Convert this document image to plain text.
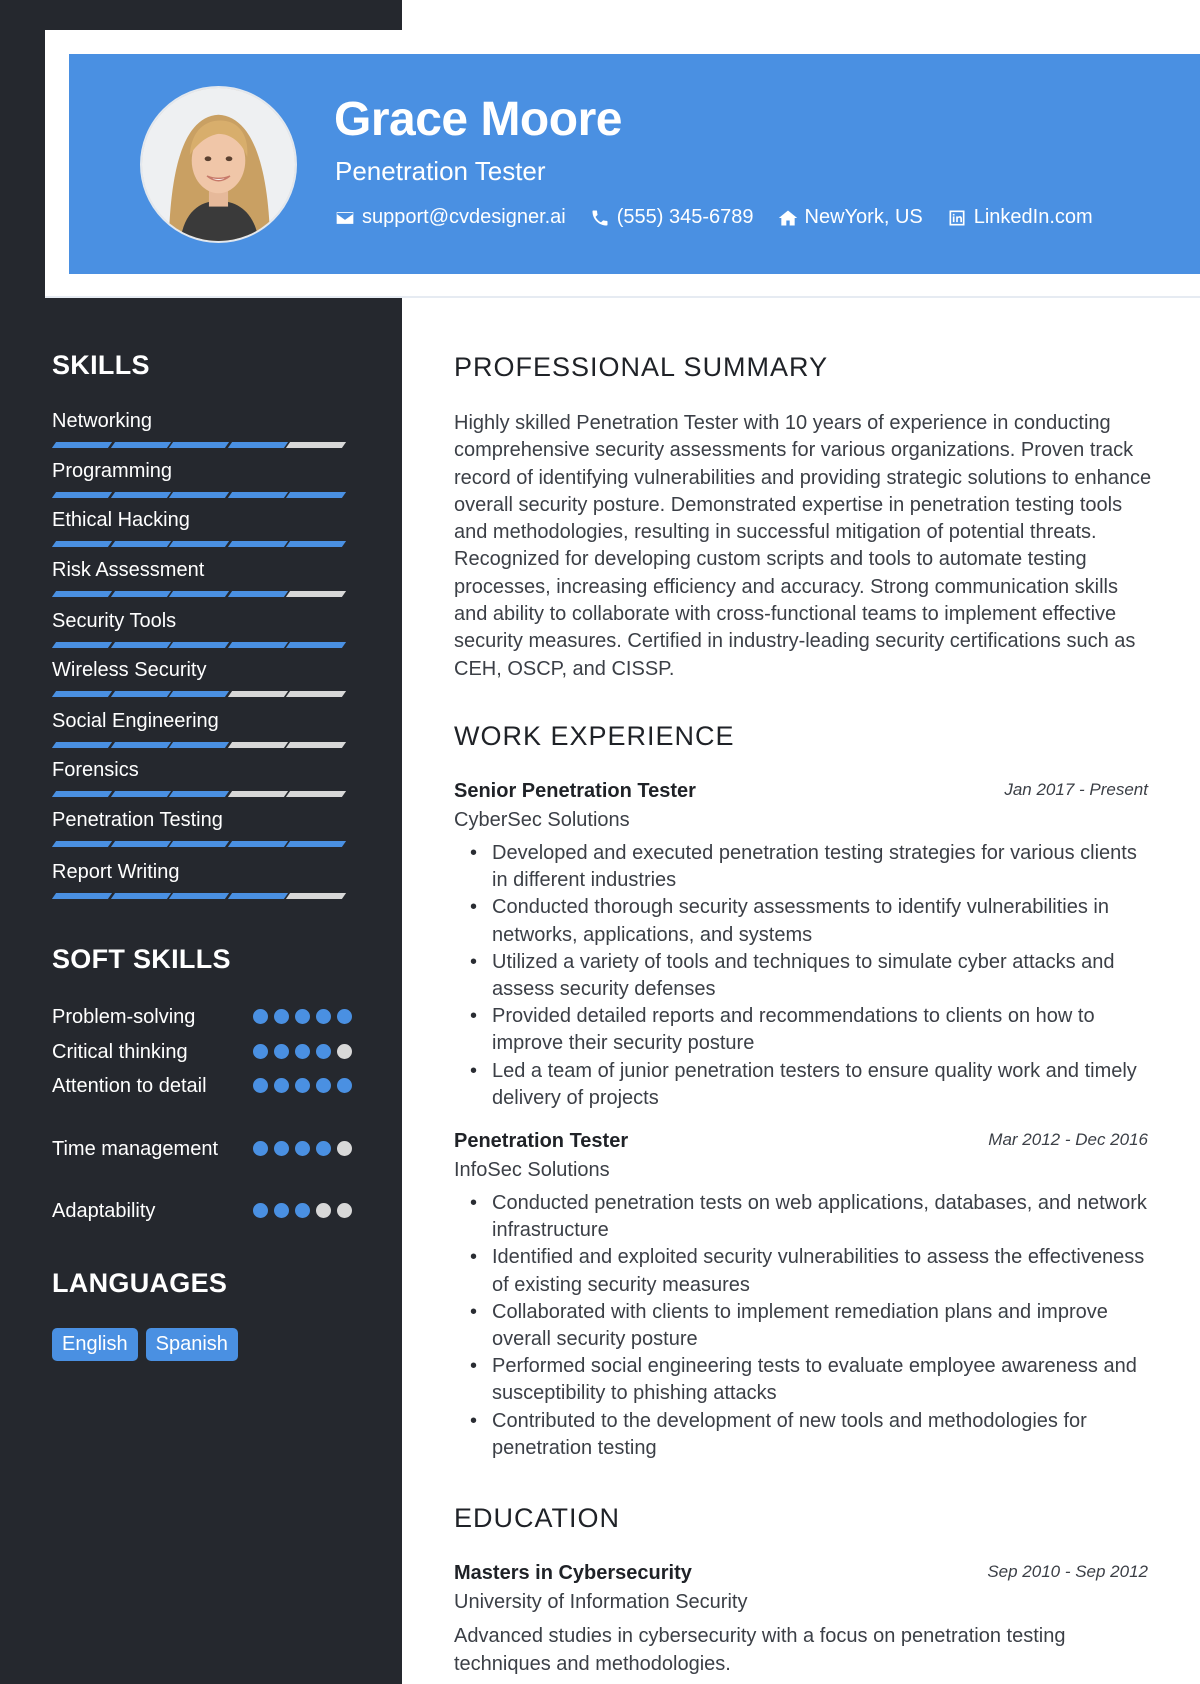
Grace Moore
Penetration Tester
support@cvdesigner.ai	(555) 345-6789	NewYork, US	LinkedIn.com
SKILLS
Networking
Programming
Ethical Hacking
Risk Assessment
Security Tools
Wireless Security
Social Engineering
Forensics
Penetration Testing
Report Writing
SOFT SKILLS
Problem-solving
Critical thinking
Attention to detail
Time management
Adaptability
LANGUAGES
English	Spanish
PROFESSIONAL SUMMARY
Highly skilled Penetration Tester with 10 years of experience in conducting comprehensive security assessments for various organizations. Proven track record of identifying vulnerabilities and providing strategic solutions to enhance overall security posture. Demonstrated expertise in penetration testing tools and methodologies, resulting in successful mitigation of potential threats. Recognized for developing custom scripts and tools to automate testing processes, increasing efficiency and accuracy. Strong communication skills and ability to collaborate with cross-functional teams to implement effective security measures. Certified in industry-leading security certifications such as CEH, OSCP, and CISSP.
WORK EXPERIENCE
Senior Penetration Tester	Jan 2017 - Present
CyberSec Solutions
• Developed and executed penetration testing strategies for various clients in different industries
• Conducted thorough security assessments to identify vulnerabilities in networks, applications, and systems
• Utilized a variety of tools and techniques to simulate cyber attacks and assess security defenses
• Provided detailed reports and recommendations to clients on how to improve their security posture
• Led a team of junior penetration testers to ensure quality work and timely delivery of projects
Penetration Tester	Mar 2012 - Dec 2016
InfoSec Solutions
• Conducted penetration tests on web applications, databases, and network infrastructure
• Identified and exploited security vulnerabilities to assess the effectiveness of existing security measures
• Collaborated with clients to implement remediation plans and improve overall security posture
• Performed social engineering tests to evaluate employee awareness and susceptibility to phishing attacks
• Contributed to the development of new tools and methodologies for penetration testing
EDUCATION
Masters in Cybersecurity	Sep 2010 - Sep 2012
University of Information Security
Advanced studies in cybersecurity with a focus on penetration testing techniques and methodologies.
